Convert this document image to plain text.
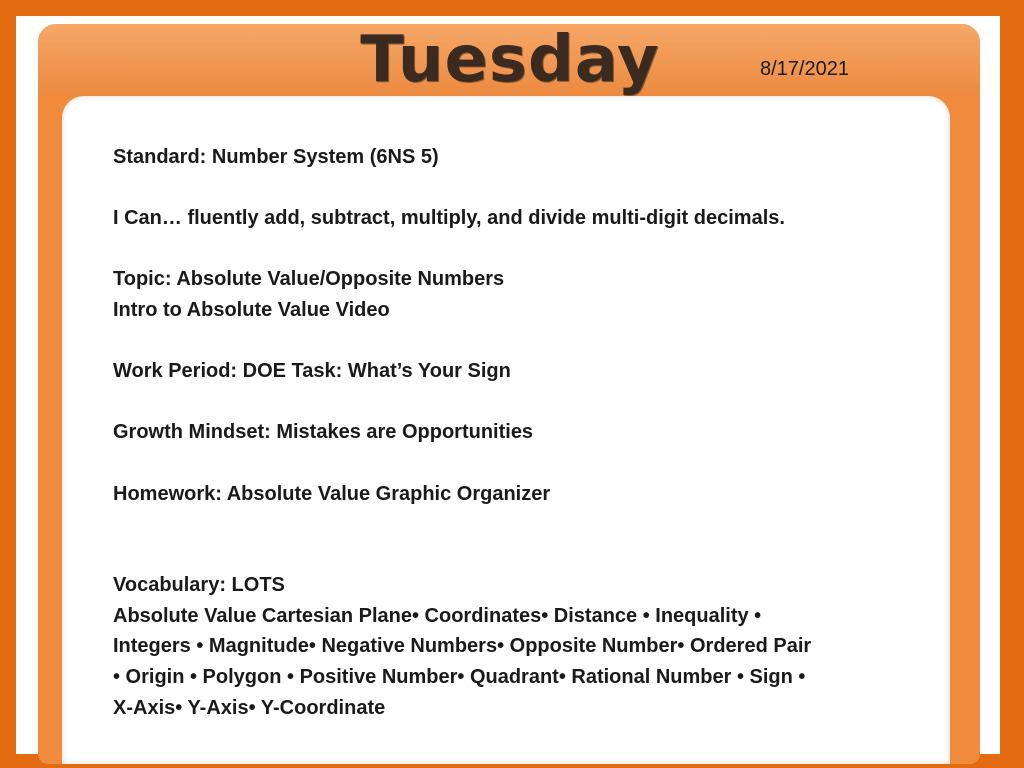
Tuesday	8/17/2021

Standard: Number System (6NS 5)

I Can… fluently add, subtract, multiply, and divide multi-digit decimals.

Topic: Absolute Value/Opposite Numbers

Intro to Absolute Value Video

Work Period: DOE Task: What’s Your Sign

Growth Mindset: Mistakes are Opportunities

Homework: Absolute Value Graphic Organizer

Vocabulary: LOTS

Absolute Value Cartesian Plane• Coordinates• Distance • Inequality •

Integers • Magnitude• Negative Numbers• Opposite Number• Ordered Pair

• Origin • Polygon • Positive Number• Quadrant• Rational Number • Sign •

X-Axis• Y-Axis• Y-Coordinate
